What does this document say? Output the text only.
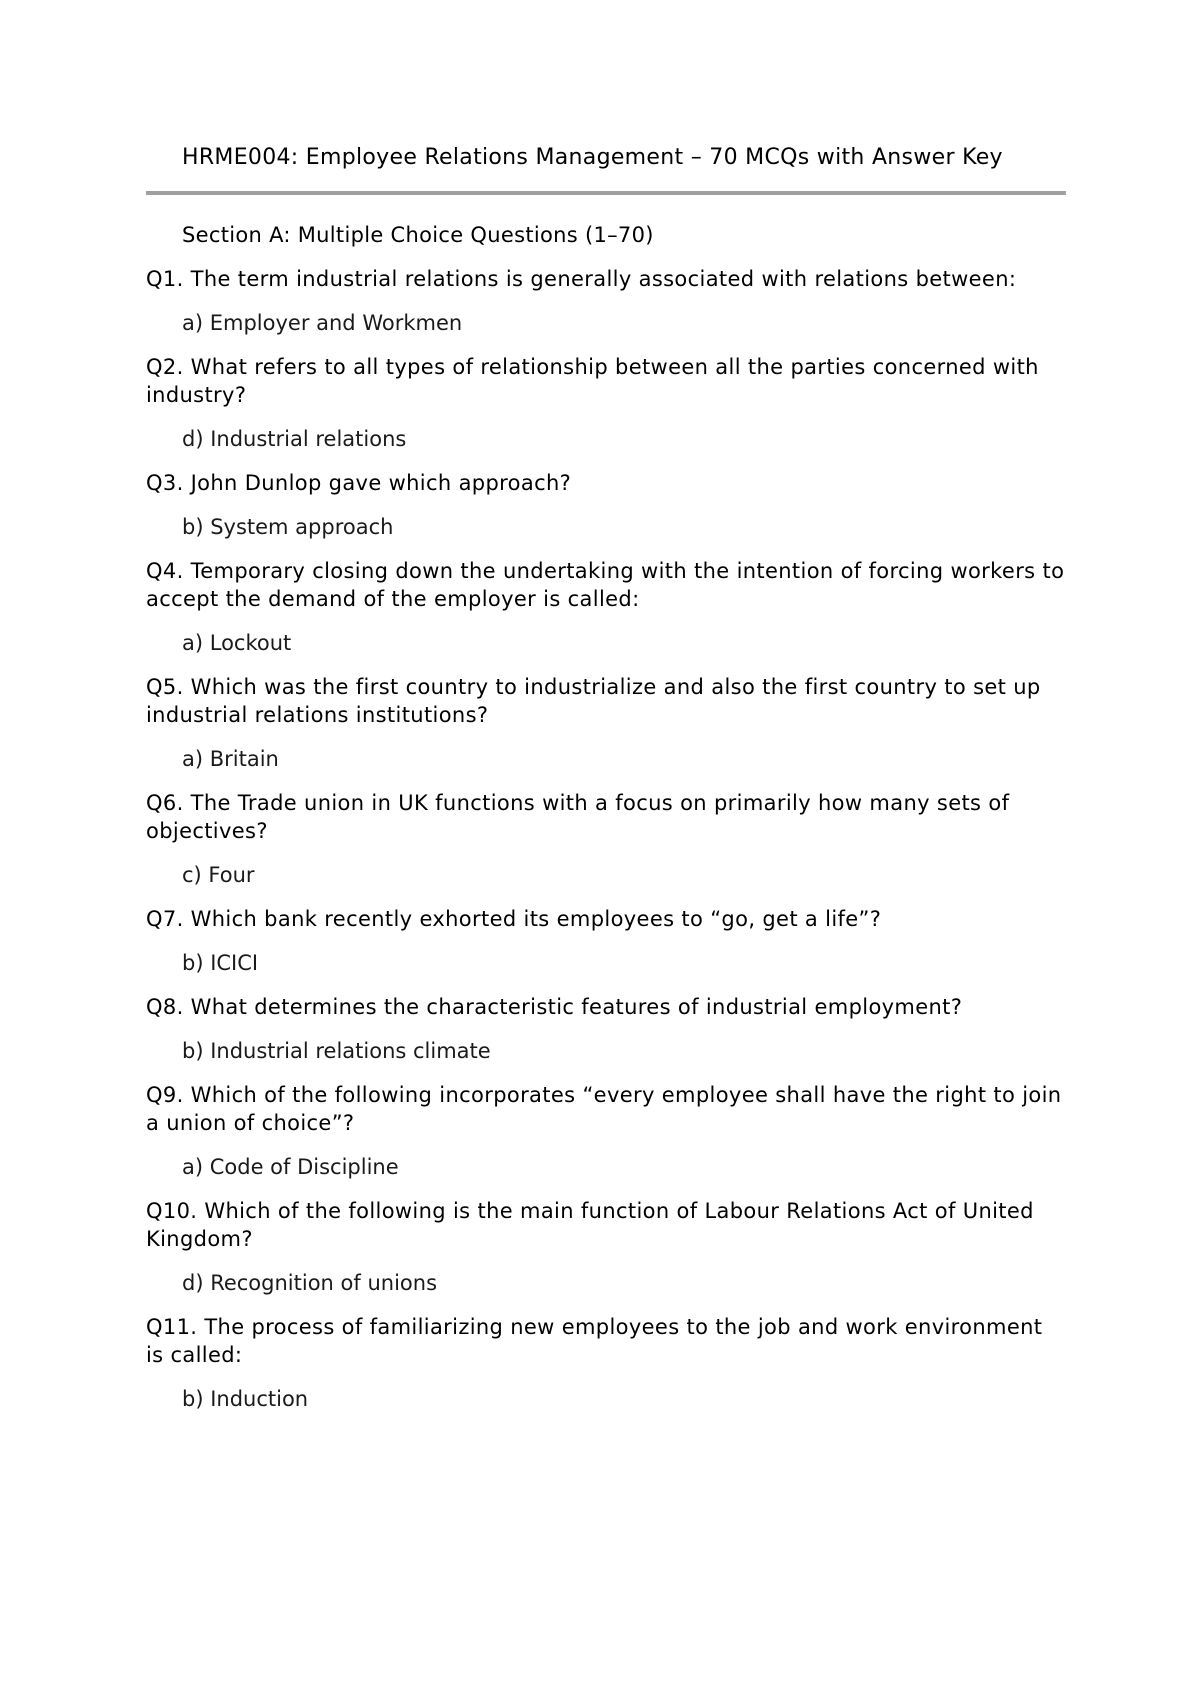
HRME004: Employee Relations Management – 70 MCQs with Answer Key
Section A: Multiple Choice Questions (1–70)

Q1. The term industrial relations is generally associated with relations between:

a) Employer and Workmen

Q2. What refers to all types of relationship between all the parties concerned with industry?

d) Industrial relations

Q3. John Dunlop gave which approach?

b) System approach

Q4. Temporary closing down the undertaking with the intention of forcing workers to accept the demand of the employer is called:

a) Lockout

Q5. Which was the first country to industrialize and also the first country to set up industrial relations institutions?

a) Britain

Q6. The Trade union in UK functions with a focus on primarily how many sets of objectives?

c) Four

Q7. Which bank recently exhorted its employees to “go, get a life”?

b) ICICI

Q8. What determines the characteristic features of industrial employment?

b) Industrial relations climate

Q9. Which of the following incorporates “every employee shall have the right to join a union of choice”?

a) Code of Discipline

Q10. Which of the following is the main function of Labour Relations Act of United Kingdom?

d) Recognition of unions

Q11. The process of familiarizing new employees to the job and work environment is called:

b) Induction
